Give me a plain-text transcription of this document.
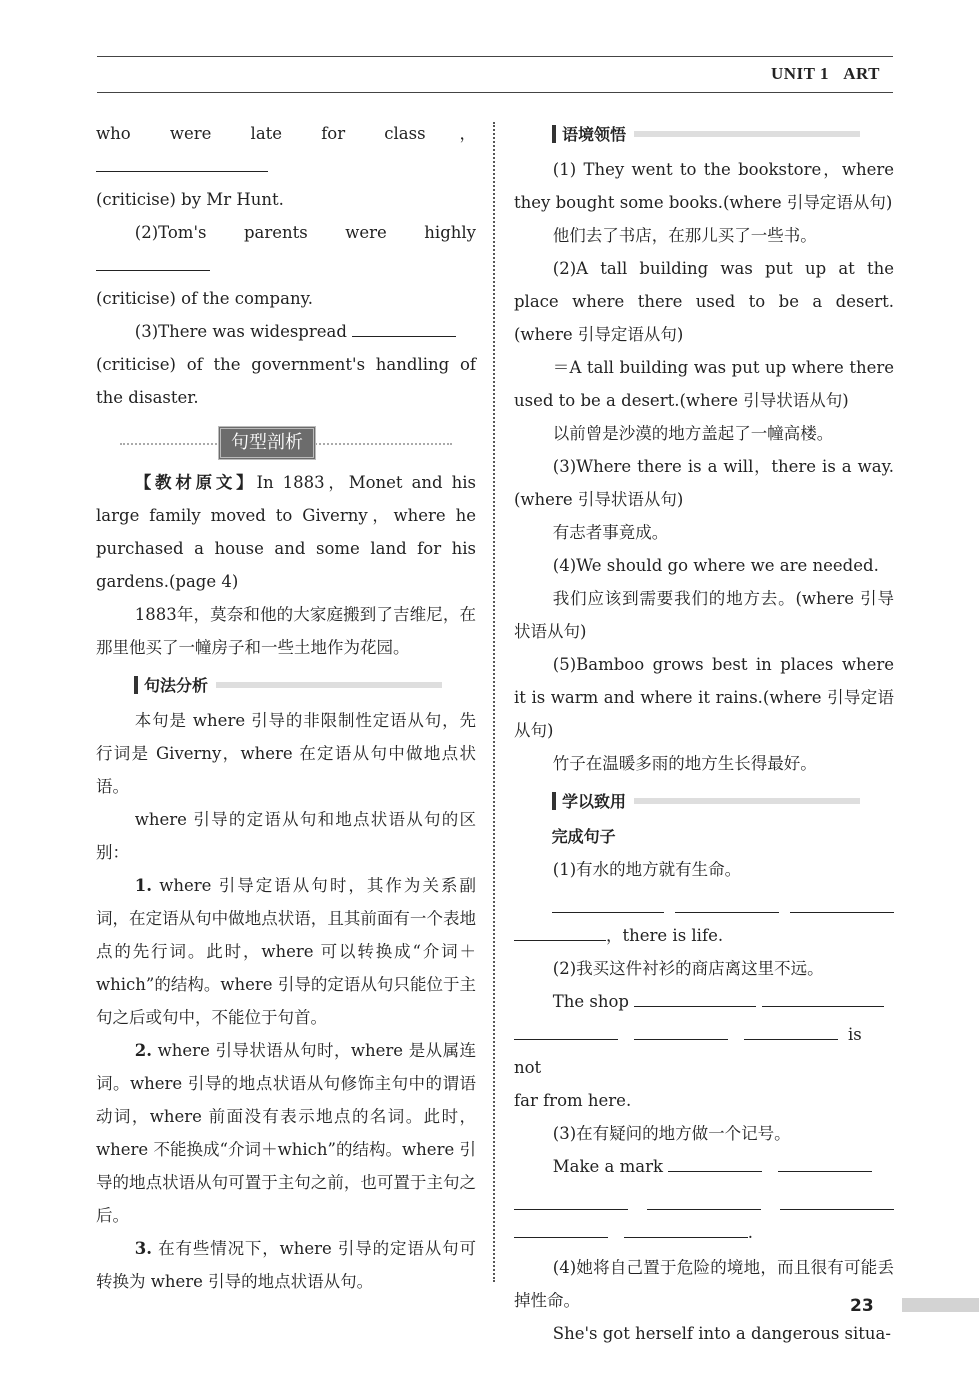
UNIT 1 ART

who were late for class，

(criticise) by Mr Hunt.

(2)Tom's parents were highly

(criticise) of the company.

(3)There was widespread

(criticise) of the government's handling of the disaster.

句型剖析

【教材原文】In 1883，Monet and his large family moved to Giverny，where he purchased a house and some land for his gardens.(page 4)

1883年，莫奈和他的大家庭搬到了吉维尼，在那里他买了一幢房子和一些土地作为花园。

句法分析

本句是 where 引导的非限制性定语从句，先行词是 Giverny，where 在定语从句中做地点状语。

where 引导的定语从句和地点状语从句的区别：

1. where 引导定语从句时，其作为关系副词，在定语从句中做地点状语，且其前面有一个表地点的先行词。此时，where 可以转换成“介词＋which”的结构。where 引导的定语从句只能位于主句之后或句中，不能位于句首。

2. where 引导状语从句时，where 是从属连词。where 引导的地点状语从句修饰主句中的谓语动词，where 前面没有表示地点的名词。此时，where 不能换成“介词＋which”的结构。where 引导的地点状语从句可置于主句之前，也可置于主句之后。

3. 在有些情况下，where 引导的定语从句可转换为 where 引导的地点状语从句。

语境领悟

(1) They went to the bookstore，where they bought some books.(where 引导定语从句)

他们去了书店，在那儿买了一些书。

(2)A tall building was put up at the place where there used to be a desert.(where 引导定语从句)

＝A tall building was put up where there used to be a desert.(where 引导状语从句)

以前曾是沙漠的地方盖起了一幢高楼。

(3)Where there is a will，there is a way.(where 引导状语从句)

有志者事竟成。

(4)We should go where we are needed.

我们应该到需要我们的地方去。(where 引导状语从句)

(5)Bamboo grows best in places where it is warm and where it rains.(where 引导定语从句)

竹子在温暖多雨的地方生长得最好。

学以致用

完成句子

(1)有水的地方就有生命。

，there is life.

(2)我买这件衬衫的商店离这里不远。

The shop

is not

far from here.

(3)在有疑问的地方做一个记号。

Make a mark

.

(4)她将自己置于危险的境地，而且很有可能丢掉性命。

She's got herself into a dangerous situa-

23
